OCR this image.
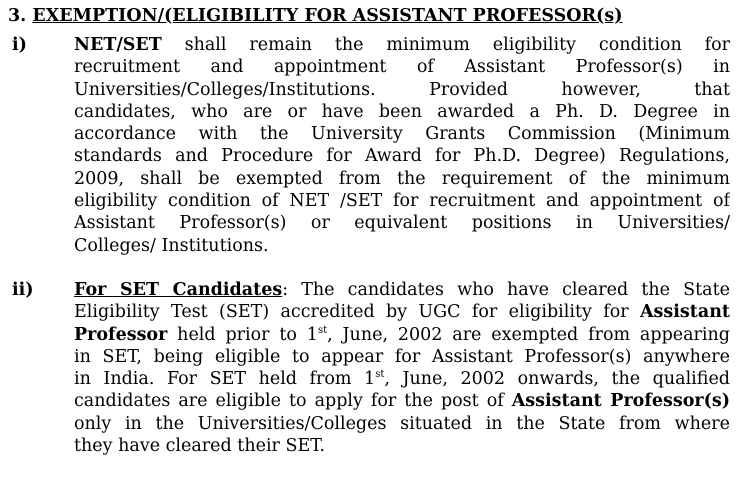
3. EXEMPTION/(ELIGIBILITY FOR ASSISTANT PROFESSOR(s)
i)	NET/SET shall remain the minimum eligibility condition for
recruitment and appointment of Assistant Professor(s) in
Universities/Colleges/Institutions. Provided however, that
candidates, who are or have been awarded a Ph. D. Degree in
accordance with the University Grants Commission (Minimum
standards and Procedure for Award for Ph.D. Degree) Regulations,
2009, shall be exempted from the requirement of the minimum
eligibility condition of NET /SET for recruitment and appointment of
Assistant Professor(s) or equivalent positions in Universities/
Colleges/ Institutions.
ii)	For SET Candidates: The candidates who have cleared the State
Eligibility Test (SET) accredited by UGC for eligibility for Assistant
Professor held prior to 1st, June, 2002 are exempted from appearing
in SET, being eligible to appear for Assistant Professor(s) anywhere
in India. For SET held from 1st, June, 2002 onwards, the qualified
candidates are eligible to apply for the post of Assistant Professor(s)
only in the Universities/Colleges situated in the State from where
they have cleared their SET.
